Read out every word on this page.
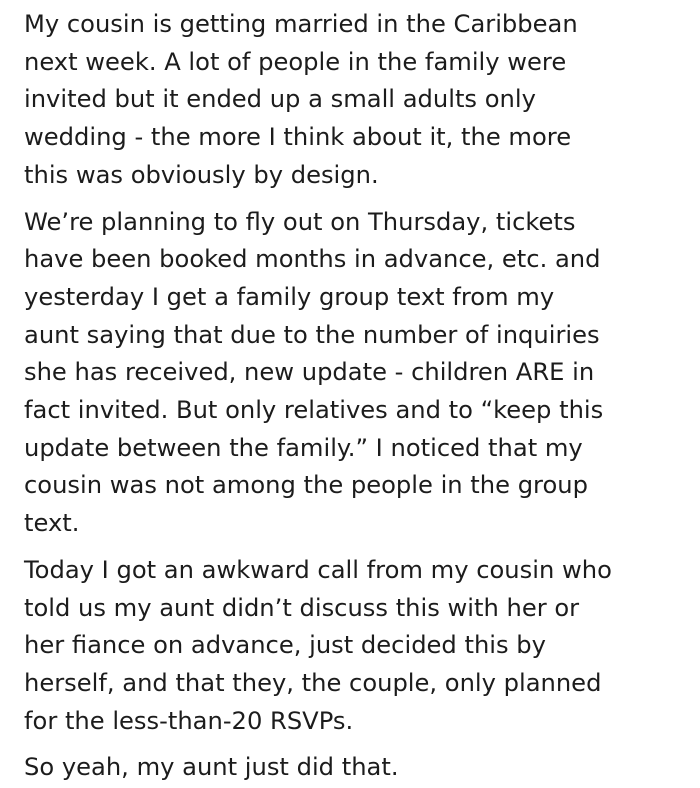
My cousin is getting married in the Caribbean
next week. A lot of people in the family were
invited but it ended up a small adults only
wedding - the more I think about it, the more
this was obviously by design.

We’re planning to fly out on Thursday, tickets
have been booked months in advance, etc. and
yesterday I get a family group text from my
aunt saying that due to the number of inquiries
she has received, new update - children ARE in
fact invited. But only relatives and to “keep this
update between the family.” I noticed that my
cousin was not among the people in the group
text.

Today I got an awkward call from my cousin who
told us my aunt didn’t discuss this with her or
her fiance on advance, just decided this by
herself, and that they, the couple, only planned
for the less-than-20 RSVPs.

So yeah, my aunt just did that.
